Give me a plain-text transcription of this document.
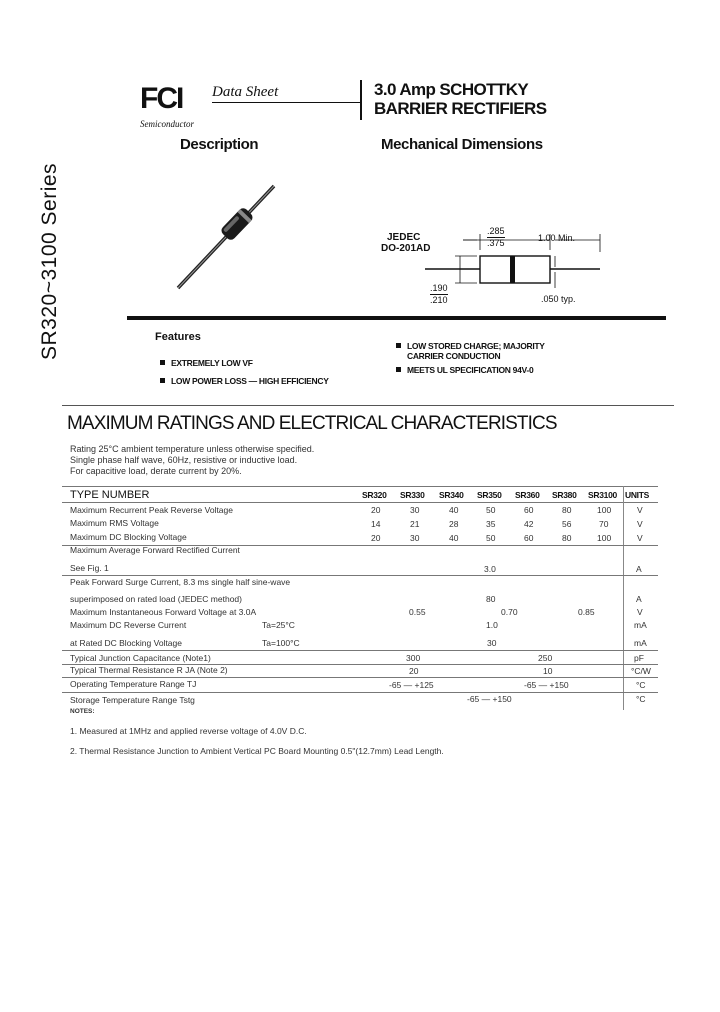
FCI
Semiconductor
Data Sheet	3.0 Amp SCHOTTKY
BARRIER RECTIFIERS
SR320~3100 Series
Description	Mechanical Dimensions
JEDEC
DO-201AD
.285
.375	1.00 Min.
.190
.210	.050 typ.
Features
EXTREMELY LOW VF
LOW POWER LOSS — HIGH EFFICIENCY
LOW STORED CHARGE; MAJORITY
CARRIER CONDUCTION
MEETS UL SPECIFICATION 94V-0
MAXIMUM RATINGS AND ELECTRICAL CHARACTERISTICS
Rating 25°C ambient temperature unless otherwise specified.
Single phase half wave, 60Hz, resistive or inductive load.
For capacitive load, derate current by 20%.
TYPE NUMBER	SR320 SR330 SR340 SR350 SR360 SR380 SR3100 UNITS
Maximum Recurrent Peak Reverse Voltage	20	30	40	50	60	80	100	V
Maximum RMS Voltage	14	21	28	35	42	56	70	V
Maximum DC Blocking Voltage	20	30	40	50	60	80	100	V
Maximum Average Forward Rectified Current
See Fig. 1	3.0	A
Peak Forward Surge Current, 8.3 ms single half sine-wave
superimposed on rated load (JEDEC method)	80	A
Maximum Instantaneous Forward Voltage at 3.0A	0.55	0.70	0.85	V
Maximum DC Reverse Current	Ta=25°C	1.0	mA
at Rated DC Blocking Voltage	Ta=100°C	30	mA
Typical Junction Capacitance (Note1)	300	250	pF
Typical Thermal Resistance R JA (Note 2)	20	10	°C/W
Operating Temperature Range TJ	-65 — +125	-65 — +150	°C
Storage Temperature Range Tstg	-65 — +150	°C
NOTES:
1. Measured at 1MHz and applied reverse voltage of 4.0V D.C.
2. Thermal Resistance Junction to Ambient Vertical PC Board Mounting 0.5"(12.7mm) Lead Length.
